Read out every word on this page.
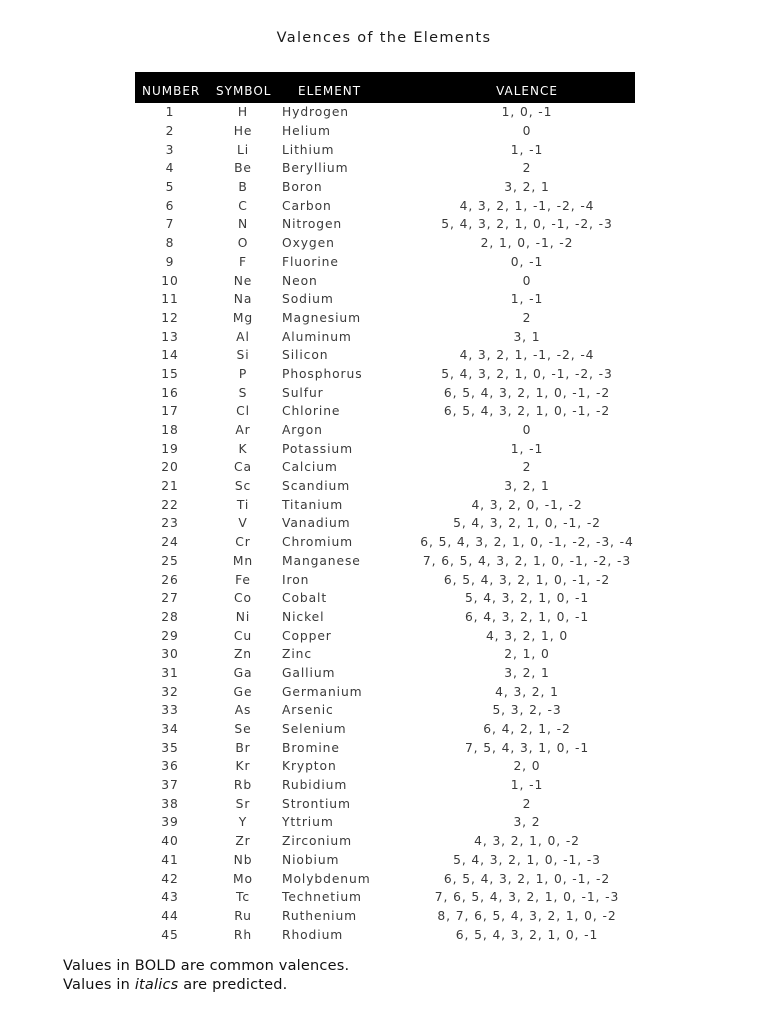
Valences of the Elements
NUMBER	SYMBOL	ELEMENT	VALENCE
1	H	Hydrogen	1, 0, -1
2	He	Helium	0
3	Li	Lithium	1, -1
4	Be	Beryllium	2
5	B	Boron	3, 2, 1
6	C	Carbon	4, 3, 2, 1, -1, -2, -4
7	N	Nitrogen	5, 4, 3, 2, 1, 0, -1, -2, -3
8	O	Oxygen	2, 1, 0, -1, -2
9	F	Fluorine	0, -1
10	Ne	Neon	0
11	Na	Sodium	1, -1
12	Mg	Magnesium	2
13	Al	Aluminum	3, 1
14	Si	Silicon	4, 3, 2, 1, -1, -2, -4
15	P	Phosphorus	5, 4, 3, 2, 1, 0, -1, -2, -3
16	S	Sulfur	6, 5, 4, 3, 2, 1, 0, -1, -2
17	Cl	Chlorine	6, 5, 4, 3, 2, 1, 0, -1, -2
18	Ar	Argon	0
19	K	Potassium	1, -1
20	Ca	Calcium	2
21	Sc	Scandium	3, 2, 1
22	Ti	Titanium	4, 3, 2, 0, -1, -2
23	V	Vanadium	5, 4, 3, 2, 1, 0, -1, -2
24	Cr	Chromium	6, 5, 4, 3, 2, 1, 0, -1, -2, -3, -4
25	Mn	Manganese	7, 6, 5, 4, 3, 2, 1, 0, -1, -2, -3
26	Fe	Iron	6, 5, 4, 3, 2, 1, 0, -1, -2
27	Co	Cobalt	5, 4, 3, 2, 1, 0, -1
28	Ni	Nickel	6, 4, 3, 2, 1, 0, -1
29	Cu	Copper	4, 3, 2, 1, 0
30	Zn	Zinc	2, 1, 0
31	Ga	Gallium	3, 2, 1
32	Ge	Germanium	4, 3, 2, 1
33	As	Arsenic	5, 3, 2, -3
34	Se	Selenium	6, 4, 2, 1, -2
35	Br	Bromine	7, 5, 4, 3, 1, 0, -1
36	Kr	Krypton	2, 0
37	Rb	Rubidium	1, -1
38	Sr	Strontium	2
39	Y	Yttrium	3, 2
40	Zr	Zirconium	4, 3, 2, 1, 0, -2
41	Nb	Niobium	5, 4, 3, 2, 1, 0, -1, -3
42	Mo	Molybdenum	6, 5, 4, 3, 2, 1, 0, -1, -2
43	Tc	Technetium	7, 6, 5, 4, 3, 2, 1, 0, -1, -3
44	Ru	Ruthenium	8, 7, 6, 5, 4, 3, 2, 1, 0, -2
45	Rh	Rhodium	6, 5, 4, 3, 2, 1, 0, -1
Values in BOLD are common valences.
Values in italics are predicted.
